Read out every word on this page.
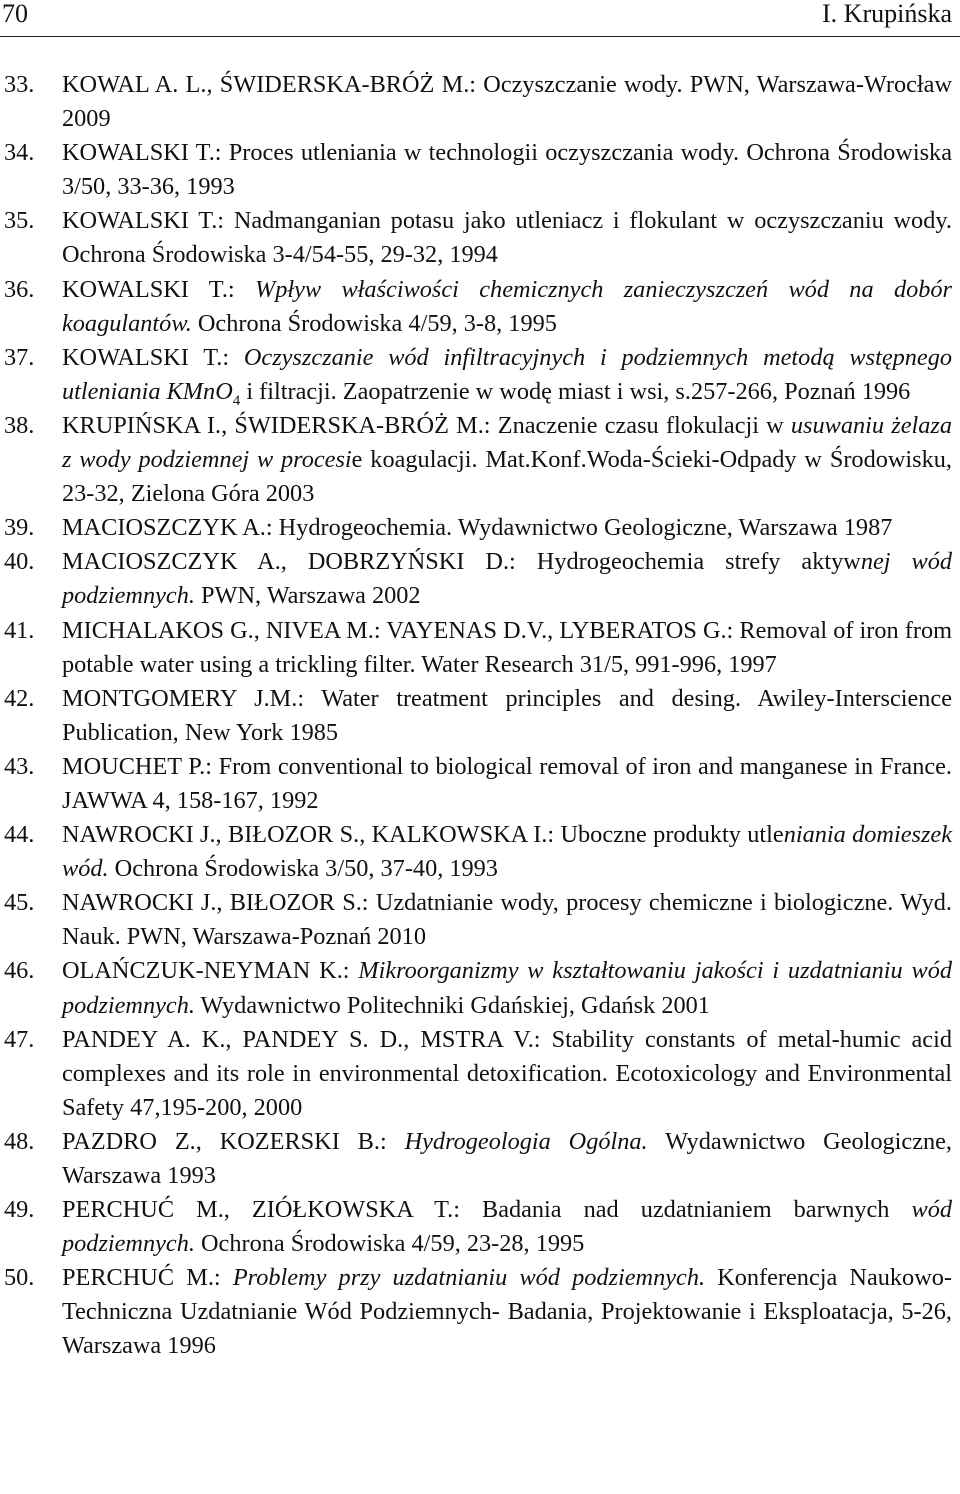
70	I. Krupińska
33. KOWAL A. L., ŚWIDERSKA-BRÓŻ M.: Oczyszczanie wody. PWN, Warszawa-Wrocław 2009
34. KOWALSKI T.: Proces utleniania w technologii oczyszczania wody. Ochrona Środowiska 3/50, 33-36, 1993
35. KOWALSKI T.: Nadmanganian potasu jako utleniacz i flokulant w oczyszczaniu wody. Ochrona Środowiska 3-4/54-55, 29-32, 1994
36. KOWALSKI T.: Wpływ właściwości chemicznych zanieczyszczeń wód na dobór koagulantów. Ochrona Środowiska 4/59, 3-8, 1995
37. KOWALSKI T.: Oczyszczanie wód infiltracyjnych i podziemnych metodą wstępnego utleniania KMnO$_4$ i filtracji. Zaopatrzenie w wodę miast i wsi, s.257-266, Poznań 1996
38. KRUPIŃSKA I., ŚWIDERSKA-BRÓŻ M.: Znaczenie czasu flokulacji w usuwaniu żelaza z wody podziemnej w procesie koagulacji. Mat.Konf.Woda-Ścieki-Odpady w Środowisku, 23-32, Zielona Góra 2003
39. MACIOSZCZYK A.: Hydrogeochemia. Wydawnictwo Geologiczne, Warszawa 1987
40. MACIOSZCZYK A., DOBRZYŃSKI D.: Hydrogeochemia strefy aktywnej wód podziemnych. PWN, Warszawa 2002
41. MICHALAKOS G., NIVEA M.: VAYENAS D.V., LYBERATOS G.: Removal of iron from potable water using a trickling filter. Water Research 31/5, 991-996, 1997
42. MONTGOMERY J.M.: Water treatment principles and desing. Awiley-Interscience Publication, New York 1985
43. MOUCHET P.: From conventional to biological removal of iron and manganese in France. JAWWA 4, 158-167, 1992
44. NAWROCKI J., BIŁOZOR S., KALKOWSKA I.: Uboczne produkty utleniania domieszek wód. Ochrona Środowiska 3/50, 37-40, 1993
45. NAWROCKI J., BIŁOZOR S.: Uzdatnianie wody, procesy chemiczne i biologiczne. Wyd. Nauk. PWN, Warszawa-Poznań 2010
46. OLAŃCZUK-NEYMAN K.: Mikroorganizmy w kształtowaniu jakości i uzdatnianiu wód podziemnych. Wydawnictwo Politechniki Gdańskiej, Gdańsk 2001
47. PANDEY A. K., PANDEY S. D., MSTRA V.: Stability constants of metal-humic acid complexes and its role in environmental detoxification. Ecotoxicology and Environmental Safety 47,195-200, 2000
48. PAZDRO Z., KOZERSKI B.: Hydrogeologia Ogólna. Wydawnictwo Geologiczne, Warszawa 1993
49. PERCHUĆ M., ZIÓŁKOWSKA T.: Badania nad uzdatnianiem barwnych wód podziemnych. Ochrona Środowiska 4/59, 23-28, 1995
50. PERCHUĆ M.: Problemy przy uzdatnianiu wód podziemnych. Konferencja Naukowo-Techniczna Uzdatnianie Wód Podziemnych- Badania, Projektowanie i Eksploatacja, 5-26, Warszawa 1996
